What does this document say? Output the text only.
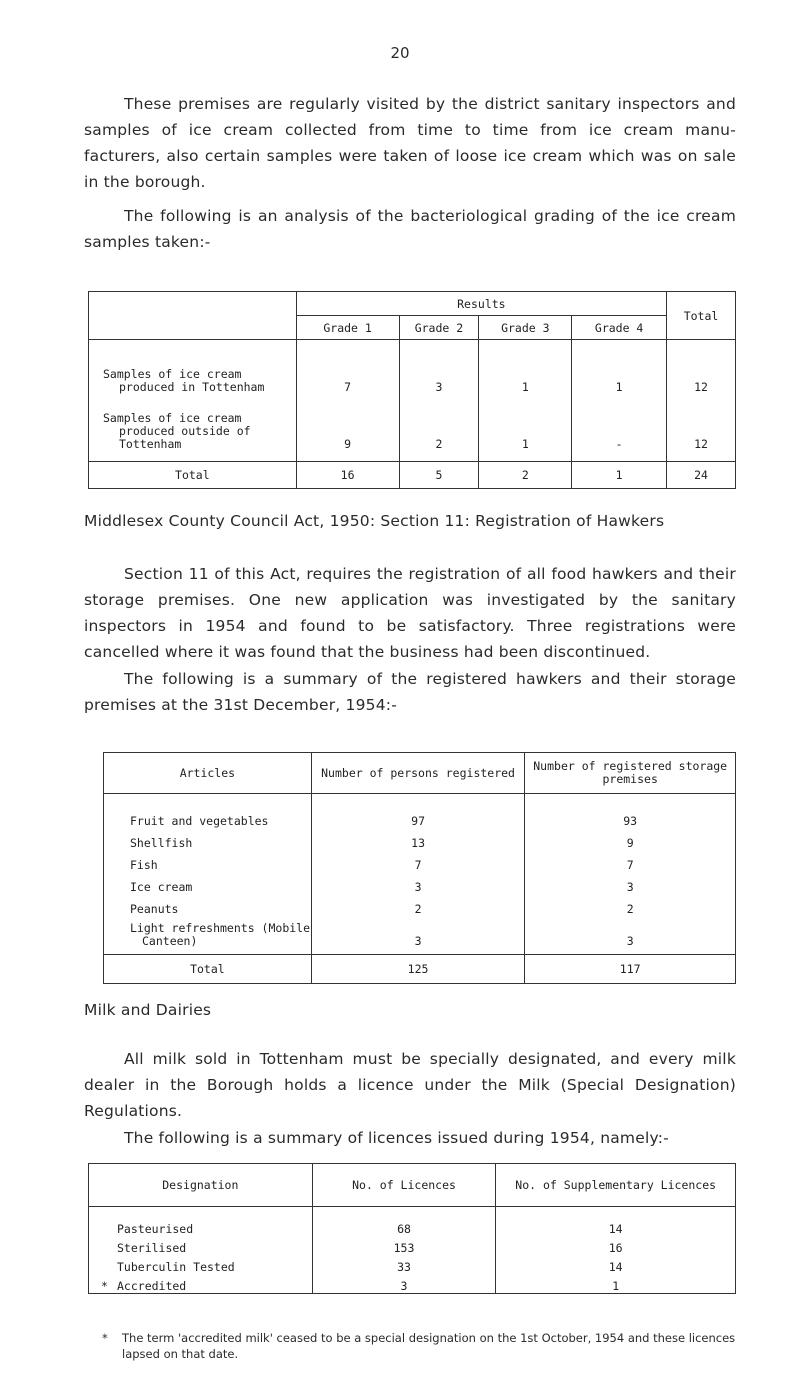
20

These premises are regularly visited by the district sanitary inspectors and samples of ice cream collected from time to time from ice cream manu- facturers, also certain samples were taken of loose ice cream which was on sale in the borough.

The following is an analysis of the bacteriological grading of the ice cream samples taken:-

	Results				Total
	Grade 1	Grade 2	Grade 3	Grade 4	
Samples of ice cream produced in Tottenham	7	3	1	1	12
Samples of ice cream produced outside of Tottenham	9	2	1	-	12
Total	16	5	2	1	24
Middlesex County Council Act, 1950: Section 11: Registration of Hawkers

Section 11 of this Act, requires the registration of all food hawkers and their storage premises. One new application was investigated by the sanitary inspectors in 1954 and found to be satisfactory. Three registrations were cancelled where it was found that the business had been discontinued.

The following is a summary of the registered hawkers and their storage premises at the 31st December, 1954:-

Articles	Number of persons registered	Number of registered storage premises
Fruit and vegetables	97	93
Shellfish	13	9
Fish	7	7
Ice cream	3	3
Peanuts	2	2
Light refreshments (Mobile Canteen)	3	3
Total	125	117
Milk and Dairies

All milk sold in Tottenham must be specially designated, and every milk dealer in the Borough holds a licence under the Milk (Special Designation) Regulations.

The following is a summary of licences issued during 1954, namely:-

Designation	No. of Licences	No. of Supplementary Licences
Pasteurised	68	14
Sterilised	153	16
Tuberculin Tested	33	14

* Accredited	3	1
*	The term 'accredited milk' ceased to be a special designation on the 1st October, 1954 and these licences lapsed on that date.
